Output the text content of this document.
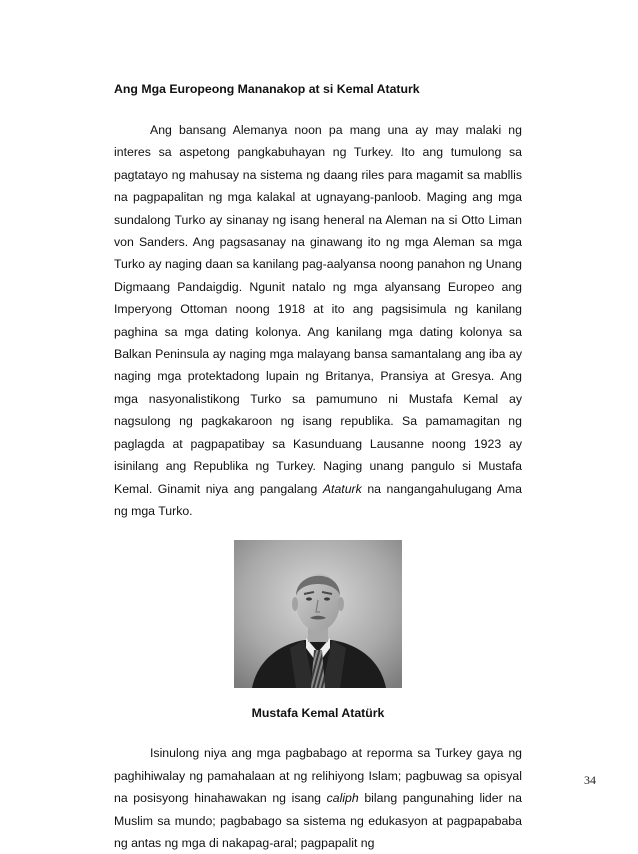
Ang Mga Europeong Mananakop at si Kemal Ataturk

Ang bansang Alemanya noon pa mang una ay may malaki ng interes sa aspetong pangkabuhayan ng Turkey. Ito ang tumulong sa pagtatayo ng mahusay na sistema ng daang riles para magamit sa mabllis na pagpapalitan ng mga kalakal at ugnayang-panloob. Maging ang mga sundalong Turko ay sinanay ng isang heneral na Aleman na si Otto Liman von Sanders. Ang pagsasanay na ginawang ito ng mga Aleman sa mga Turko ay naging daan sa kanilang pag-aalyansa noong panahon ng Unang Digmaang Pandaigdig. Ngunit natalo ng mga alyansang Europeo ang Imperyong Ottoman noong 1918 at ito ang pagsisimula ng kanilang paghina sa mga dating kolonya. Ang kanilang mga dating kolonya sa Balkan Peninsula ay naging mga malayang bansa samantalang ang iba ay naging mga protektadong lupain ng Britanya, Pransiya at Gresya. Ang mga nasyonalistikong Turko sa pamumuno ni Mustafa Kemal ay nagsulong ng pagkakaroon ng isang republika. Sa pamamagitan ng paglagda at pagpapatibay sa Kasunduang Lausanne noong 1923 ay isinilang ang Republika ng Turkey. Naging unang pangulo si Mustafa Kemal. Ginamit niya ang pangalang Ataturk na nangangahulugang Ama ng mga Turko.

Mustafa Kemal Atatürk

Isinulong niya ang mga pagbabago at reporma sa Turkey gaya ng paghihiwalay ng pamahalaan at ng relihiyong Islam; pagbuwag sa opisyal na posisyong hinahawakan ng isang caliph bilang pangunahing lider na Muslim sa mundo; pagbabago sa sistema ng edukasyon at pagpapababa ng antas ng mga di nakapag-aral; pagpapalit ng

34
